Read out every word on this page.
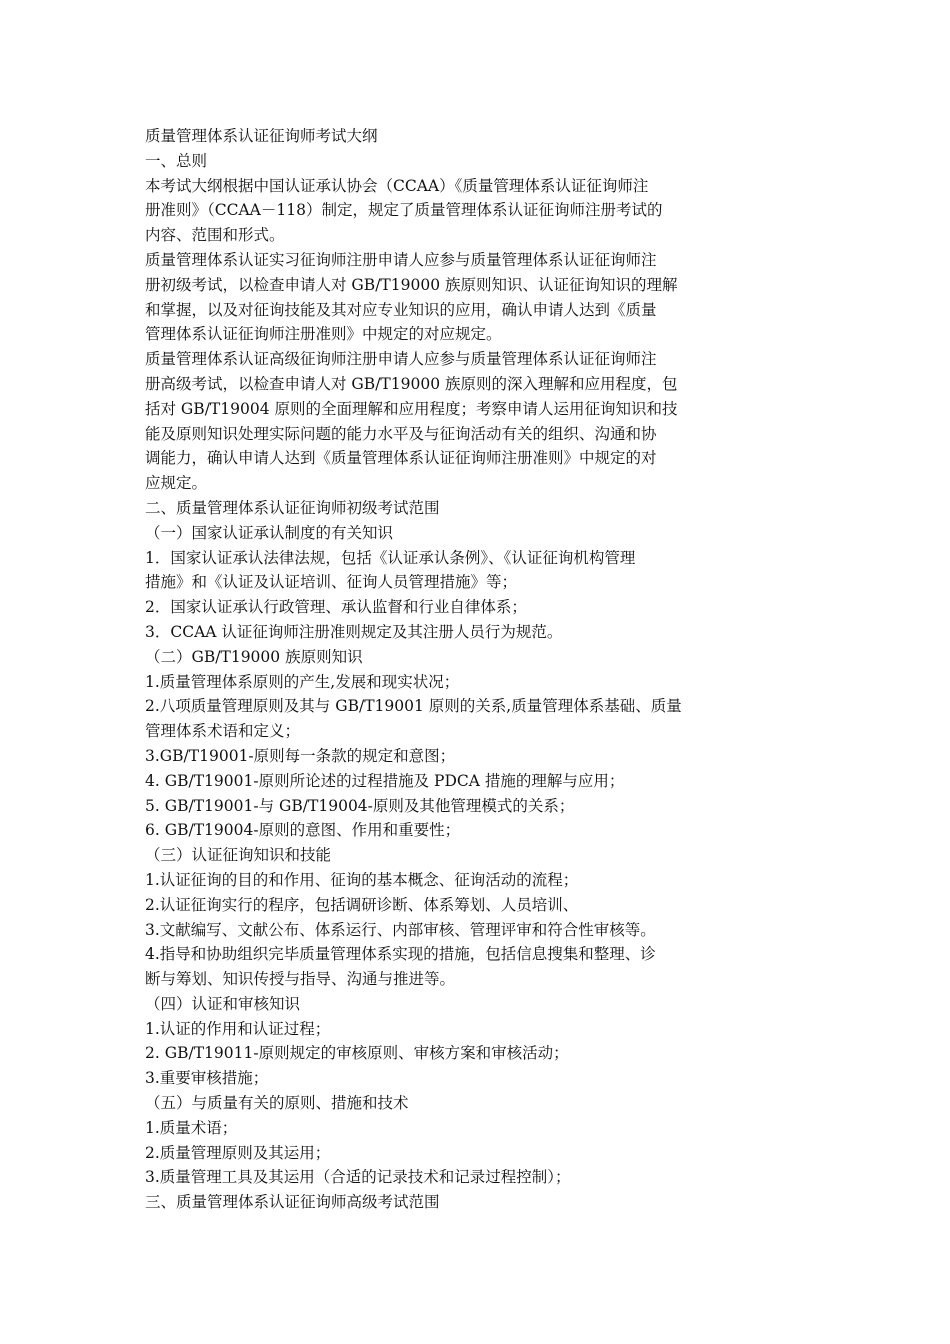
质量管理体系认证征询师考试大纲
一、总则
本考试大纲根据中国认证承认协会（CCAA）《质量管理体系认证征询师注
册准则》（CCAA－118）制定，规定了质量管理体系认证征询师注册考试的
内容、范围和形式。
质量管理体系认证实习征询师注册申请人应参与质量管理体系认证征询师注
册初级考试，以检查申请人对 GB/T19000 族原则知识、认证征询知识的理解
和掌握，以及对征询技能及其对应专业知识的应用，确认申请人达到《质量
管理体系认证征询师注册准则》中规定的对应规定。
质量管理体系认证高级征询师注册申请人应参与质量管理体系认证征询师注
册高级考试，以检查申请人对 GB/T19000 族原则的深入理解和应用程度，包
括对 GB/T19004 原则的全面理解和应用程度；考察申请人运用征询知识和技
能及原则知识处理实际问题的能力水平及与征询活动有关的组织、沟通和协
调能力，确认申请人达到《质量管理体系认证征询师注册准则》中规定的对
应规定。
二、质量管理体系认证征询师初级考试范围
（一）国家认证承认制度的有关知识
1．国家认证承认法律法规，包括《认证承认条例》、《认证征询机构管理
措施》和《认证及认证培训、征询人员管理措施》等；
2．国家认证承认行政管理、承认监督和行业自律体系；
3．CCAA 认证征询师注册准则规定及其注册人员行为规范。
（二）GB/T19000 族原则知识
1.质量管理体系原则的产生,发展和现实状况；
2.八项质量管理原则及其与 GB/T19001 原则的关系,质量管理体系基础、质量
管理体系术语和定义；
3.GB/T19001-原则每一条款的规定和意图；
4. GB/T19001-原则所论述的过程措施及 PDCA 措施的理解与应用；
5. GB/T19001-与 GB/T19004-原则及其他管理模式的关系；
6. GB/T19004-原则的意图、作用和重要性；
（三）认证征询知识和技能
1.认证征询的目的和作用、征询的基本概念、征询活动的流程；
2.认证征询实行的程序，包括调研诊断、体系筹划、人员培训、
3.文献编写、文献公布、体系运行、内部审核、管理评审和符合性审核等。
4.指导和协助组织完毕质量管理体系实现的措施，包括信息搜集和整理、诊
断与筹划、知识传授与指导、沟通与推进等。
（四）认证和审核知识
1.认证的作用和认证过程；
2. GB/T19011-原则规定的审核原则、审核方案和审核活动；
3.重要审核措施；
（五）与质量有关的原则、措施和技术
1.质量术语；
2.质量管理原则及其运用；
3.质量管理工具及其运用（合适的记录技术和记录过程控制）；
三、质量管理体系认证征询师高级考试范围
